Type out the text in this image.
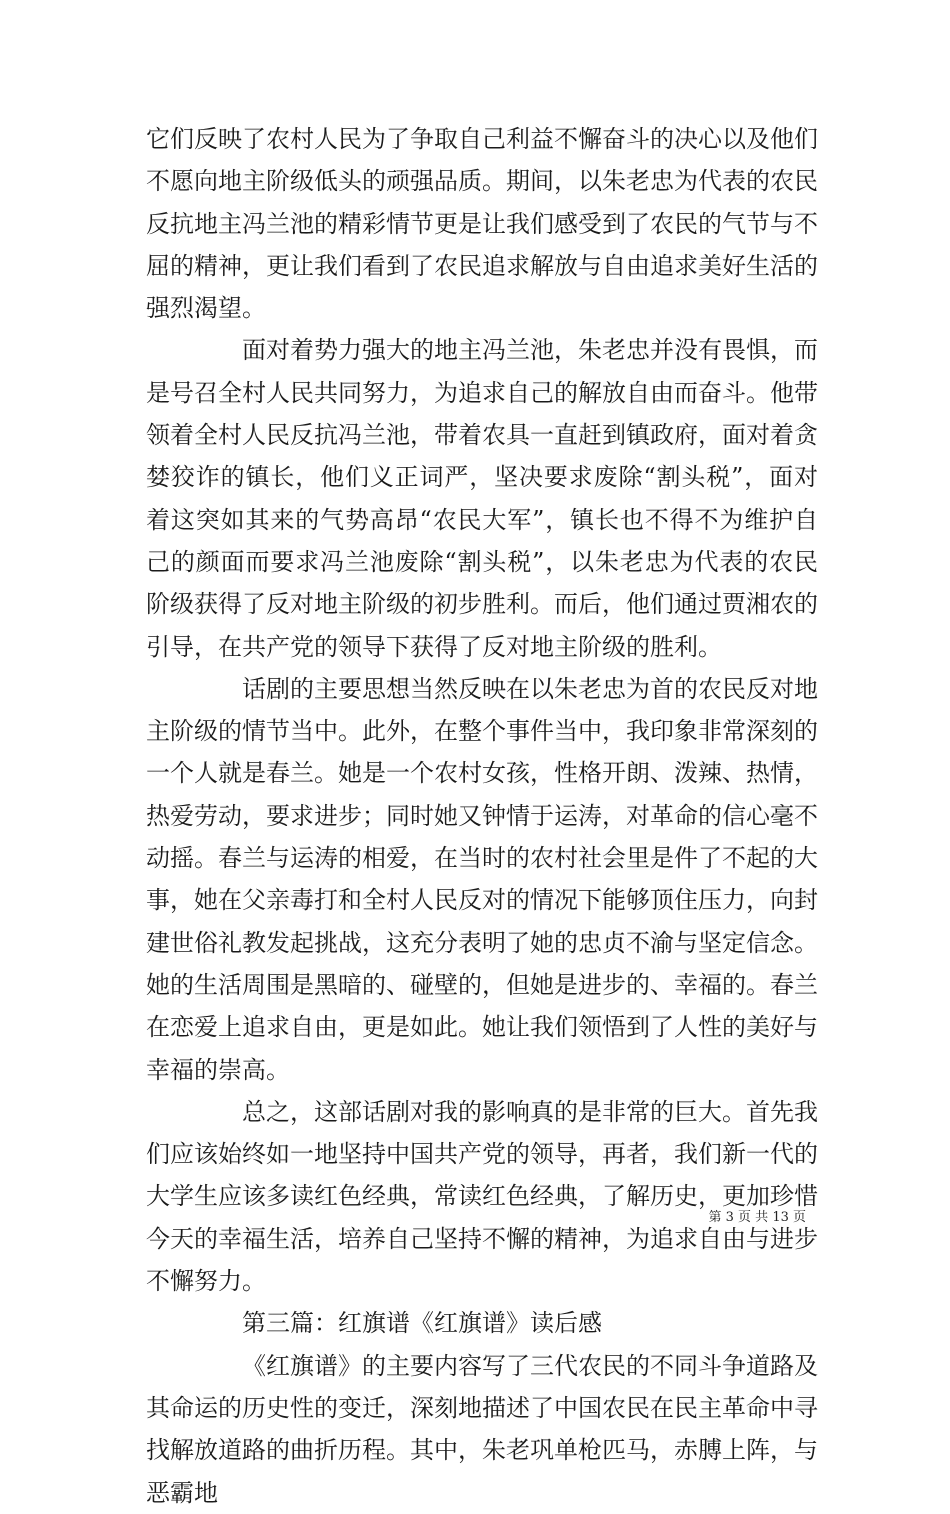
它们反映了农村人民为了争取自己利益不懈奋斗的决心以及他们不愿向地主阶级低头的顽强品质。期间，以朱老忠为代表的农民反抗地主冯兰池的精彩情节更是让我们感受到了农民的气节与不屈的精神，更让我们看到了农民追求解放与自由追求美好生活的强烈渴望。

面对着势力强大的地主冯兰池，朱老忠并没有畏惧，而是号召全村人民共同努力，为追求自己的解放自由而奋斗。他带领着全村人民反抗冯兰池，带着农具一直赶到镇政府，面对着贪婪狡诈的镇长，他们义正词严，坚决要求废除“割头税”，面对着这突如其来的气势高昂“农民大军”，镇长也不得不为维护自己的颜面而要求冯兰池废除“割头税”，以朱老忠为代表的农民阶级获得了反对地主阶级的初步胜利。而后，他们通过贾湘农的引导，在共产党的领导下获得了反对地主阶级的胜利。

话剧的主要思想当然反映在以朱老忠为首的农民反对地主阶级的情节当中。此外，在整个事件当中，我印象非常深刻的一个人就是春兰。她是一个农村女孩，性格开朗、泼辣、热情，热爱劳动，要求进步；同时她又钟情于运涛，对革命的信心毫不动摇。春兰与运涛的相爱，在当时的农村社会里是件了不起的大事，她在父亲毒打和全村人民反对的情况下能够顶住压力，向封建世俗礼教发起挑战，这充分表明了她的忠贞不渝与坚定信念。她的生活周围是黑暗的、碰壁的，但她是进步的、幸福的。春兰在恋爱上追求自由，更是如此。她让我们领悟到了人性的美好与幸福的崇高。

总之，这部话剧对我的影响真的是非常的巨大。首先我们应该始终如一地坚持中国共产党的领导，再者，我们新一代的大学生应该多读红色经典，常读红色经典，了解历史，更加珍惜今天的幸福生活，培养自己坚持不懈的精神，为追求自由与进步不懈努力。

第三篇：红旗谱《红旗谱》读后感

《红旗谱》的主要内容写了三代农民的不同斗争道路及其命运的历史性的变迁，深刻地描述了中国农民在民主革命中寻找解放道路的曲折历程。其中，朱老巩单枪匹马，赤膊上阵，与恶霸地

第 3 页 共 13 页
